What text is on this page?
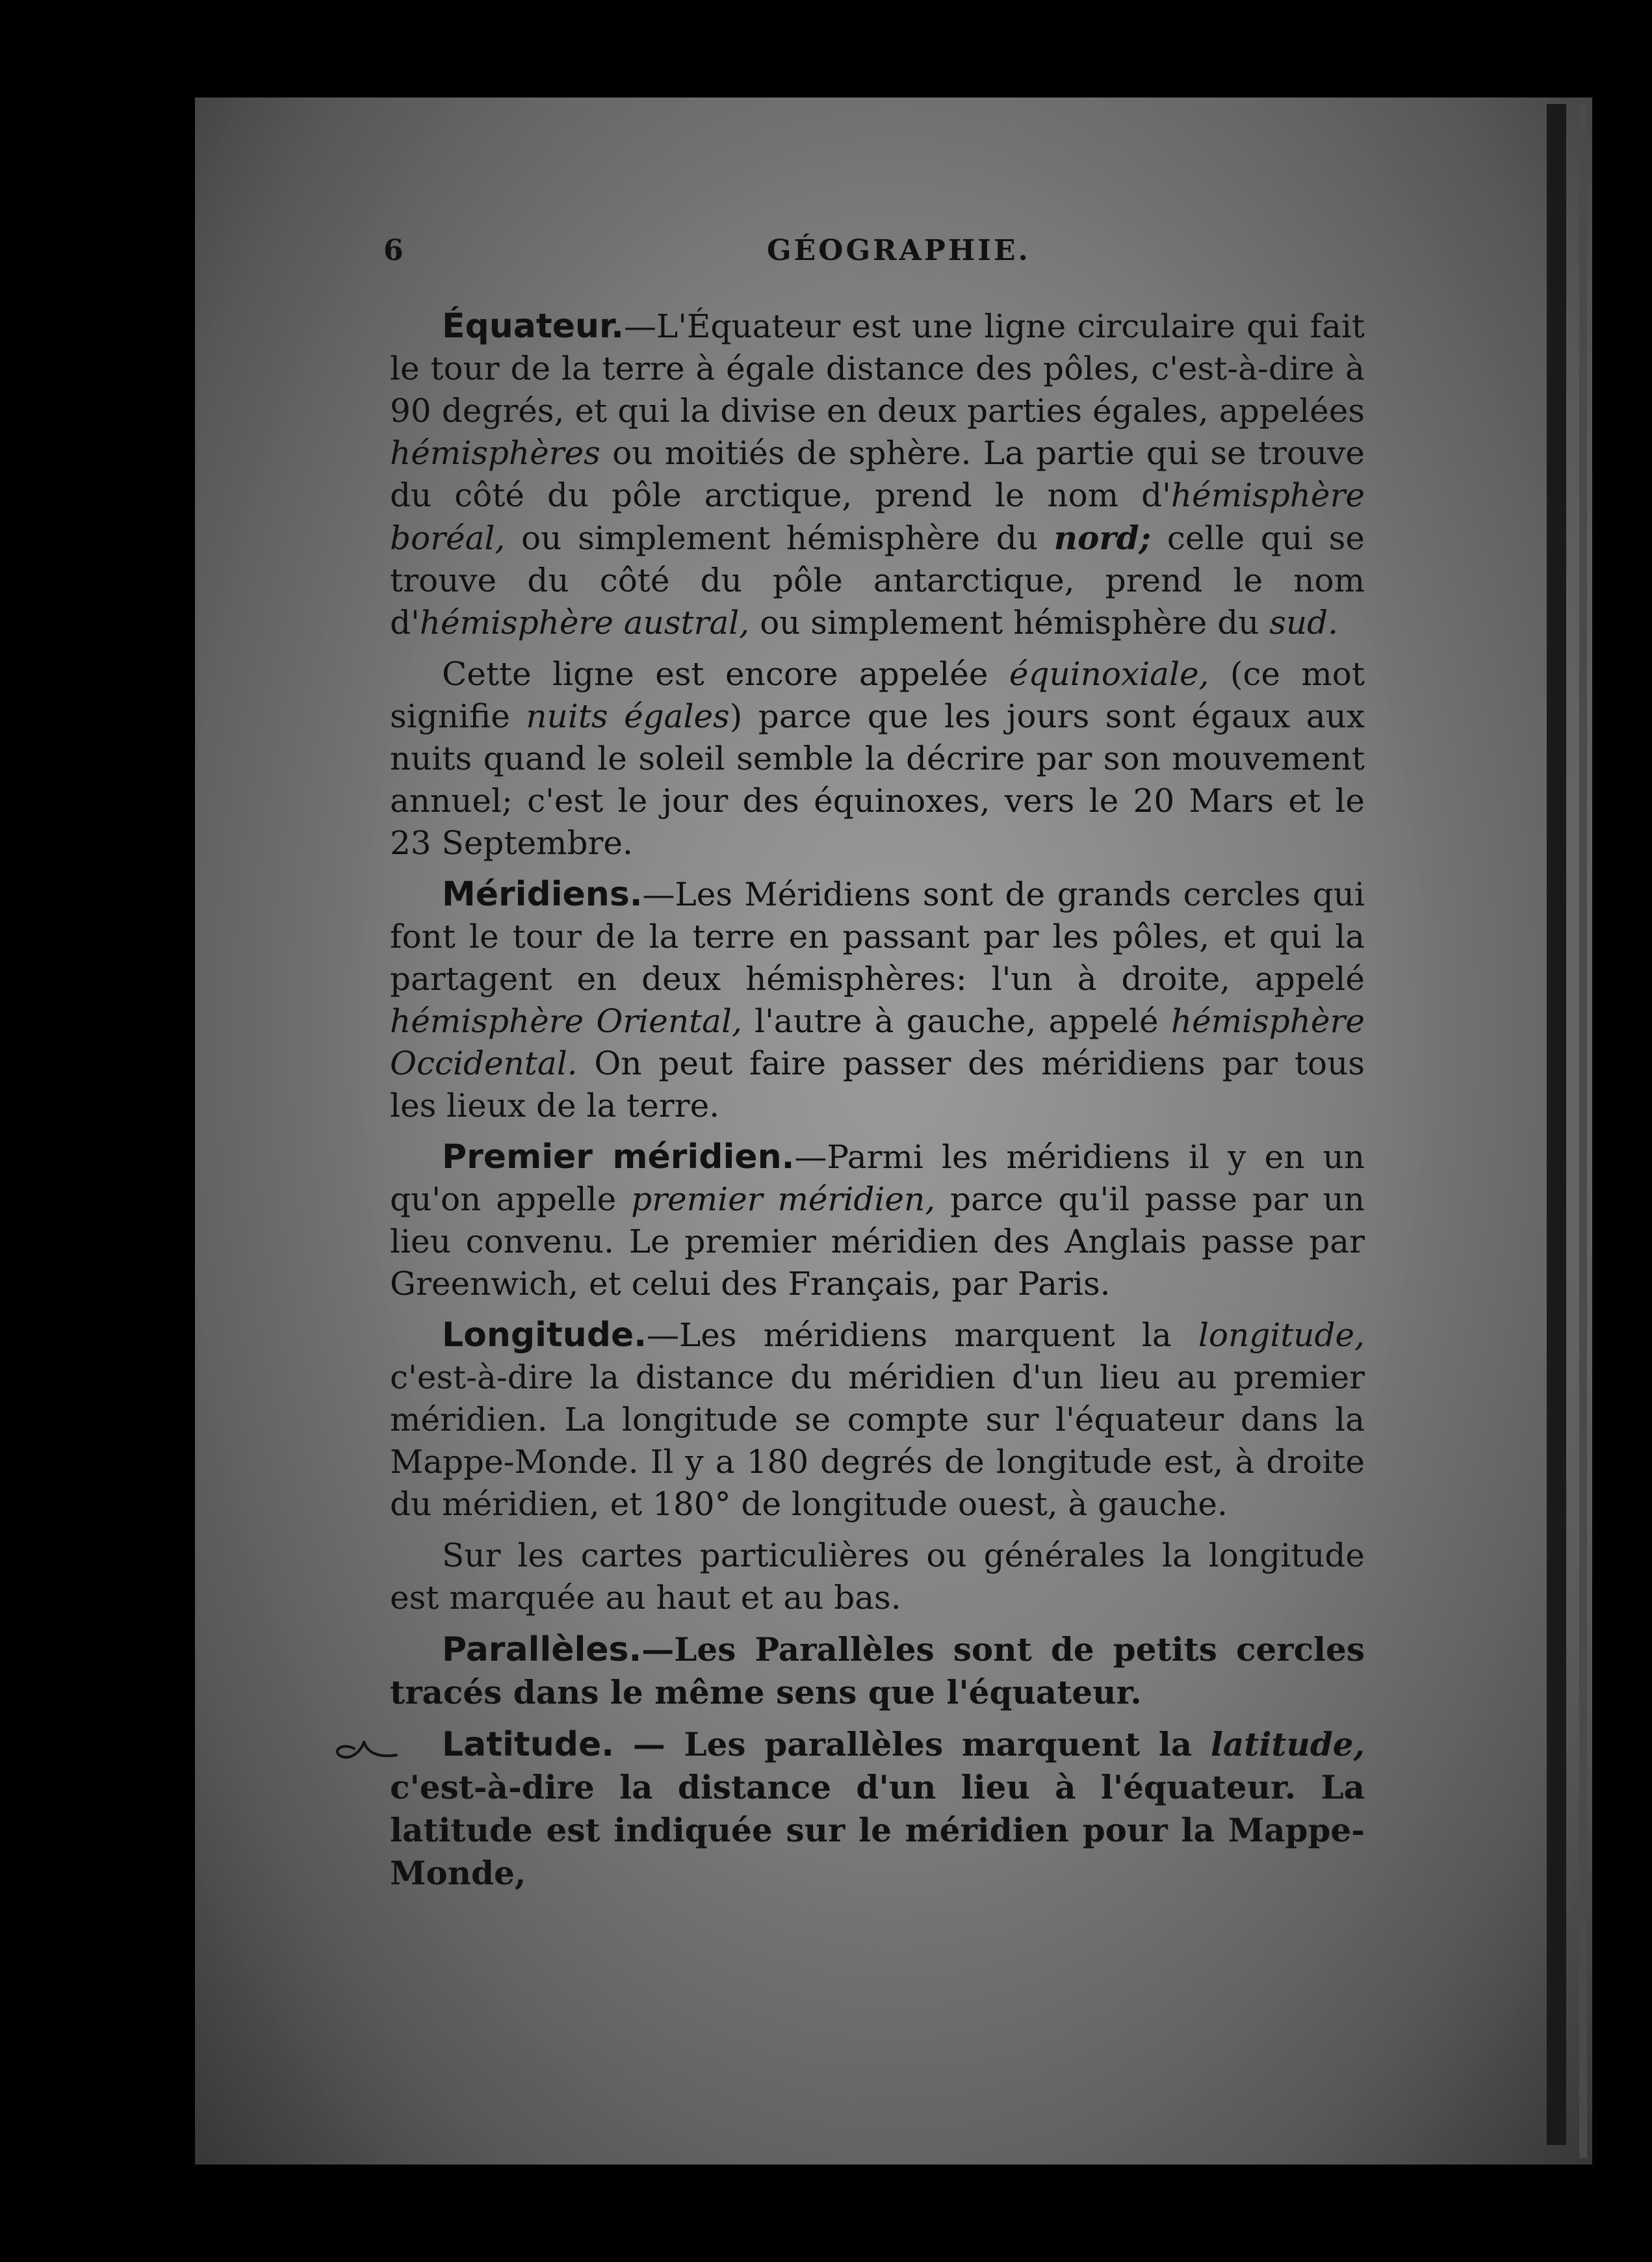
6	GÉOGRAPHIE.

Équateur.—L'Équateur est une ligne circulaire qui fait le tour de la terre à égale distance des pôles, c'est-à-dire à 90 degrés, et qui la divise en deux parties égales, appelées hémisphères ou moitiés de sphère. La partie qui se trouve du côté du pôle arctique, prend le nom d'hémisphère boréal, ou simplement hémisphère du nord; celle qui se trouve du côté du pôle antarctique, prend le nom d'hémisphère austral, ou simplement hémisphère du sud.

Cette ligne est encore appelée équinoxiale, (ce mot signifie nuits égales) parce que les jours sont égaux aux nuits quand le soleil semble la décrire par son mouvement annuel; c'est le jour des équinoxes, vers le 20 Mars et le 23 Septembre.

Méridiens.—Les Méridiens sont de grands cercles qui font le tour de la terre en passant par les pôles, et qui la partagent en deux hémisphères: l'un à droite, appelé hémisphère Oriental, l'autre à gauche, appelé hémisphère Occidental. On peut faire passer des méridiens par tous les lieux de la terre.

Premier méridien.—Parmi les méridiens il y en un qu'on appelle premier méridien, parce qu'il passe par un lieu convenu. Le premier méridien des Anglais passe par Greenwich, et celui des Français, par Paris.

Longitude.—Les méridiens marquent la longitude, c'est-à-dire la distance du méridien d'un lieu au premier méridien. La longitude se compte sur l'équateur dans la Mappe-Monde. Il y a 180 degrés de longitude est, à droite du méridien, et 180° de longitude ouest, à gauche.

Sur les cartes particulières ou générales la longitude est marquée au haut et au bas.

Parallèles.—Les Parallèles sont de petits cercles tracés dans le même sens que l'équateur.

Latitude. — Les parallèles marquent la latitude, c'est-à-dire la distance d'un lieu à l'équateur. La latitude est indiquée sur le méridien pour la Mappe-Monde,
